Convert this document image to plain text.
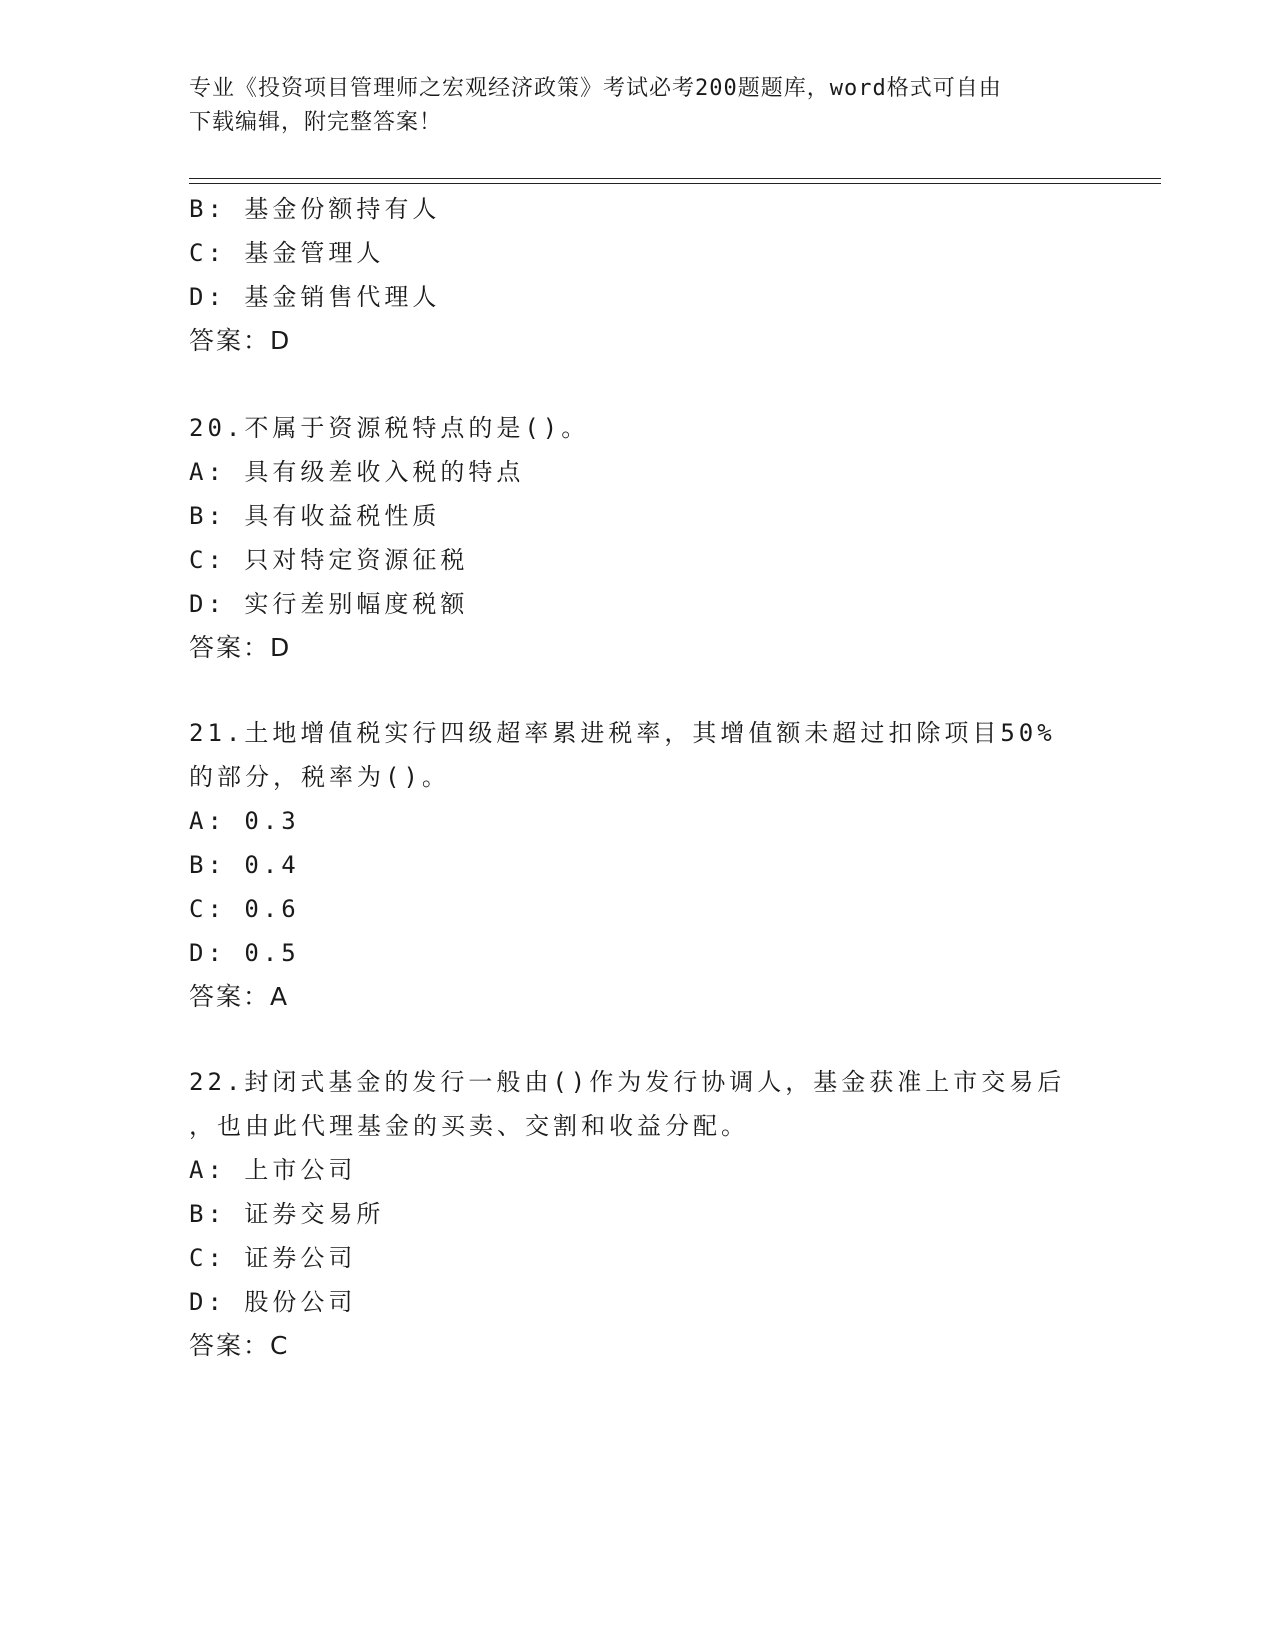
专业《投资项目管理师之宏观经济政策》考试必考200题题库，word格式可自由
下载编辑，附完整答案！
B: 基金份额持有人
C: 基金管理人
D: 基金销售代理人
答案：D
20.不属于资源税特点的是()。
A: 具有级差收入税的特点
B: 具有收益税性质
C: 只对特定资源征税
D: 实行差别幅度税额
答案：D
21.土地增值税实行四级超率累进税率，其增值额未超过扣除项目50%
的部分，税率为()。
A: 0.3
B: 0.4
C: 0.6
D: 0.5
答案：A
22.封闭式基金的发行一般由()作为发行协调人，基金获准上市交易后
，也由此代理基金的买卖、交割和收益分配。
A: 上市公司
B: 证券交易所
C: 证券公司
D: 股份公司
答案：C
